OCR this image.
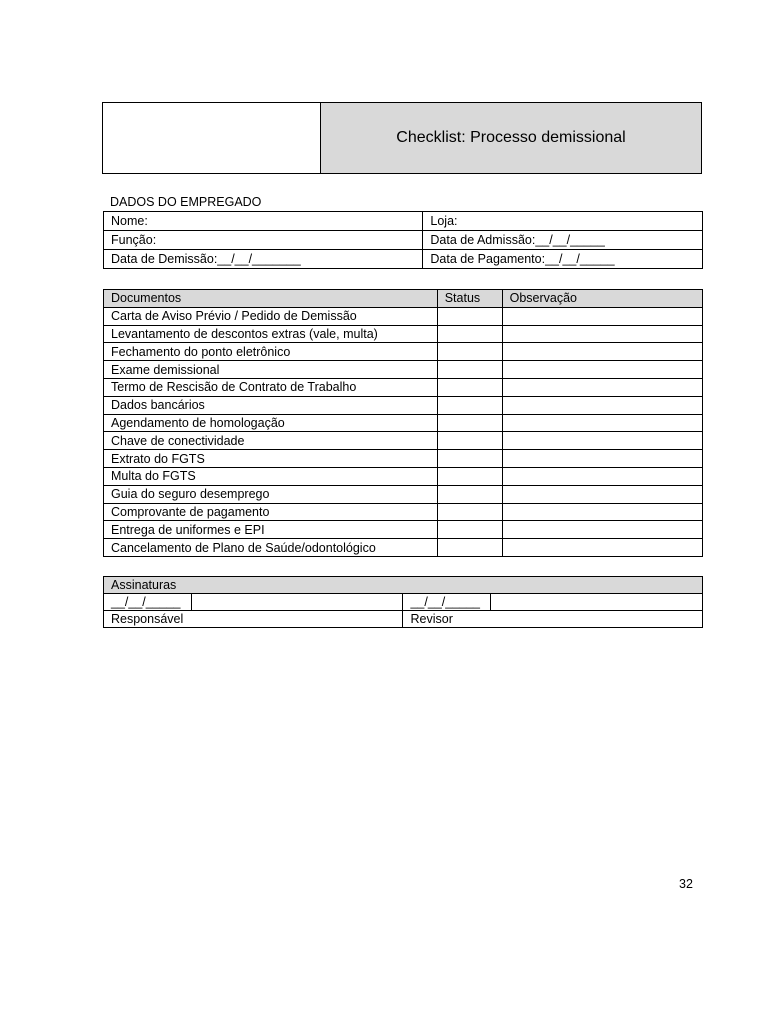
Checklist: Processo demissional
DADOS DO EMPREGADO
Nome:	Loja:
Função:	Data de Admissão:__/__/_____
Data de Demissão:__/__/_______	Data de Pagamento:__/__/_____
Documentos	Status	Observação
Carta de Aviso Prévio / Pedido de Demissão		
Levantamento de descontos extras (vale, multa)		
Fechamento do ponto eletrônico		
Exame demissional		
Termo de Rescisão de Contrato de Trabalho		
Dados bancários		
Agendamento de homologação		
Chave de conectividade		
Extrato do FGTS		
Multa do FGTS		
Guia do seguro desemprego		
Comprovante de pagamento		
Entrega de uniformes e EPI		
Cancelamento de Plano de Saúde/odontológico		
Assinaturas			
__/__/_____		__/__/_____	
Responsável		Revisor	
32
